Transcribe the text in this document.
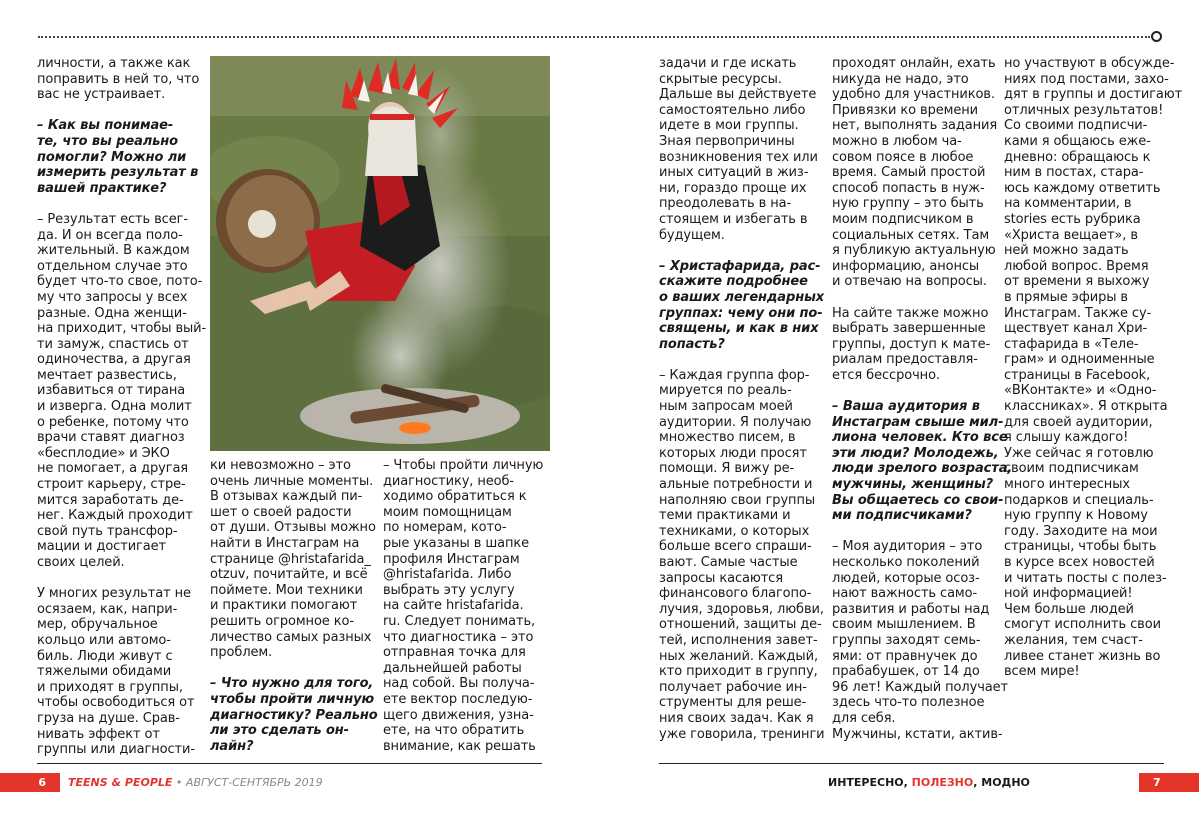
личности, а также как
поправить в ней то, что
вас не устраивает.

– Как вы понимае-
те, что вы реально
помогли? Можно ли
измерить результат в
вашей практике?

– Результат есть всег-
да. И он всегда поло-
жительный. В каждом
отдельном случае это
будет что-то свое, пото-
му что запросы у всех
разные. Одна женщи-
на приходит, чтобы вый-
ти замуж, спастись от
одиночества, а другая
мечтает развестись,
избавиться от тирана
и изверга. Одна молит
о ребенке, потому что
врачи ставят диагноз
«бесплодие» и ЭКО
не помогает, а другая
строит карьеру, стре-
мится заработать де-
нег. Каждый проходит
свой путь трансфор-
мации и достигает
своих целей.

У многих результат не
осязаем, как, напри-
мер, обручальное
кольцо или автомо-
биль. Люди живут с
тяжелыми обидами
и приходят в группы,
чтобы освободиться от
груза на душе. Срав-
нивать эффект от
группы или диагности-

ки невозможно – это
очень личные моменты.
В отзывах каждый пи-
шет о своей радости
от души. Отзывы можно
найти в Инстаграм на
странице @hristafarida_
otzuv, почитайте, и всё
поймете. Мои техники
и практики помогают
решить огромное ко-
личество самых разных
проблем.

– Что нужно для того,
чтобы пройти личную
диагностику? Реально
ли это сделать он-
лайн?

– Чтобы пройти личную
диагностику, необ-
ходимо обратиться к
моим помощницам
по номерам, кото-
рые указаны в шапке
профиля Инстаграм
@hristafarida. Либо
выбрать эту услугу
на сайте hristafarida.
ru. Следует понимать,
что диагностика – это
отправная точка для
дальнейшей работы
над собой. Вы получа-
ете вектор последую-
щего движения, узна-
ете, на что обратить
внимание, как решать

задачи и где искать
скрытые ресурсы.
Дальше вы действуете
самостоятельно либо
идете в мои группы.
Зная первопричины
возникновения тех или
иных ситуаций в жиз-
ни, гораздо проще их
преодолевать в на-
стоящем и избегать в
будущем.

– Христафарида, рас-
скажите подробнее
о ваших легендарных
группах: чему они по-
священы, и как в них
попасть?

– Каждая группа фор-
мируется по реаль-
ным запросам моей
аудитории. Я получаю
множество писем, в
которых люди просят
помощи. Я вижу ре-
альные потребности и
наполняю свои группы
теми практиками и
техниками, о которых
больше всего спраши-
вают. Самые частые
запросы касаются
финансового благопо-
лучия, здоровья, любви,
отношений, защиты де-
тей, исполнения завет-
ных желаний. Каждый,
кто приходит в группу,
получает рабочие ин-
струменты для реше-
ния своих задач. Как я
уже говорила, тренинги

проходят онлайн, ехать
никуда не надо, это
удобно для участников.
Привязки ко времени
нет, выполнять задания
можно в любом ча-
совом поясе в любое
время. Самый простой
способ попасть в нуж-
ную группу – это быть
моим подписчиком в
социальных сетях. Там
я публикую актуальную
информацию, анонсы
и отвечаю на вопросы.

На сайте также можно
выбрать завершенные
группы, доступ к мате-
риалам предоставля-
ется бессрочно.

– Ваша аудитория в
Инстаграм свыше мил-
лиона человек. Кто все
эти люди? Молодежь,
люди зрелого возраста,
мужчины, женщины?
Вы общаетесь со свои-
ми подписчиками?

– Моя аудитория – это
несколько поколений
людей, которые осоз-
нают важность само-
развития и работы над
своим мышлением. В
группы заходят семь-
ями: от правнучек до
прабабушек, от 14 до
96 лет! Каждый получает
здесь что-то полезное
для себя.
Мужчины, кстати, актив-

но участвуют в обсужде-
ниях под постами, захо-
дят в группы и достигают
отличных результатов!
Со своими подписчи-
ками я общаюсь еже-
дневно: обращаюсь к
ним в постах, стара-
юсь каждому ответить
на комментарии, в
stories есть рубрика
«Христа вещает», в
ней можно задать
любой вопрос. Время
от времени я выхожу
в прямые эфиры в
Инстаграм. Также су-
ществует канал Хри-
стафарида в «Теле-
грам» и одноименные
страницы в Facebook,
«ВКонтакте» и «Одно-
классниках». Я открыта
для своей аудитории,
я слышу каждого!
Уже сейчас я готовлю
своим подписчикам
много интересных
подарков и специаль-
ную группу к Новому
году. Заходите на мои
страницы, чтобы быть
в курсе всех новостей
и читать посты с полез-
ной информацией!
Чем больше людей
смогут исполнить свои
желания, тем счаст-
ливее станет жизнь во
всем мире!

6	TEENS & PEOPLE • АВГУСТ-СЕНТЯБРЬ 2019	ИНТЕРЕСНО, ПОЛЕЗНО, МОДНО	7
